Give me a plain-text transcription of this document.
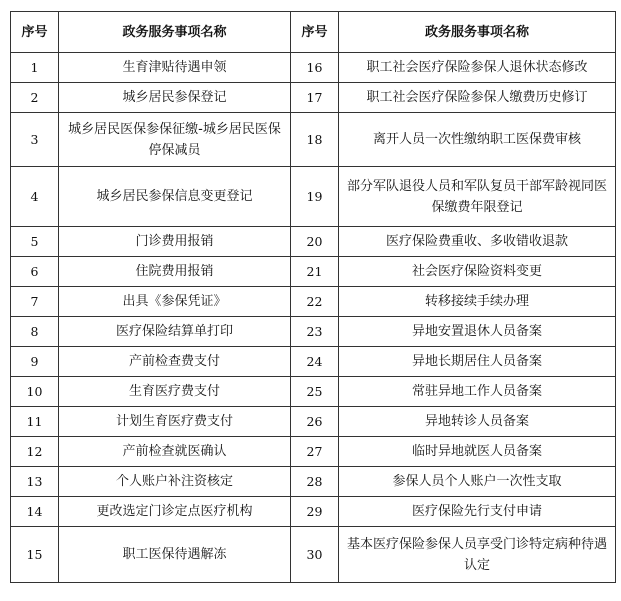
序号	政务服务事项名称	序号	政务服务事项名称
1	生育津贴待遇申领	16	职工社会医疗保险参保人退休状态修改
2	城乡居民参保登记	17	职工社会医疗保险参保人缴费历史修订
3	城乡居民医保参保征缴-城乡居民医保停保减员	18	离开人员一次性缴纳职工医保费审核
4	城乡居民参保信息变更登记	19	部分军队退役人员和军队复员干部军龄视同医保缴费年限登记
5	门诊费用报销	20	医疗保险费重收、多收错收退款
6	住院费用报销	21	社会医疗保险资料变更
7	出具《参保凭证》	22	转移接续手续办理
8	医疗保险结算单打印	23	异地安置退休人员备案
9	产前检查费支付	24	异地长期居住人员备案
10	生育医疗费支付	25	常驻异地工作人员备案
11	计划生育医疗费支付	26	异地转诊人员备案
12	产前检查就医确认	27	临时异地就医人员备案
13	个人账户补注资核定	28	参保人员个人账户一次性支取
14	更改选定门诊定点医疗机构	29	医疗保险先行支付申请
15	职工医保待遇解冻	30	基本医疗保险参保人员享受门诊特定病种待遇认定
